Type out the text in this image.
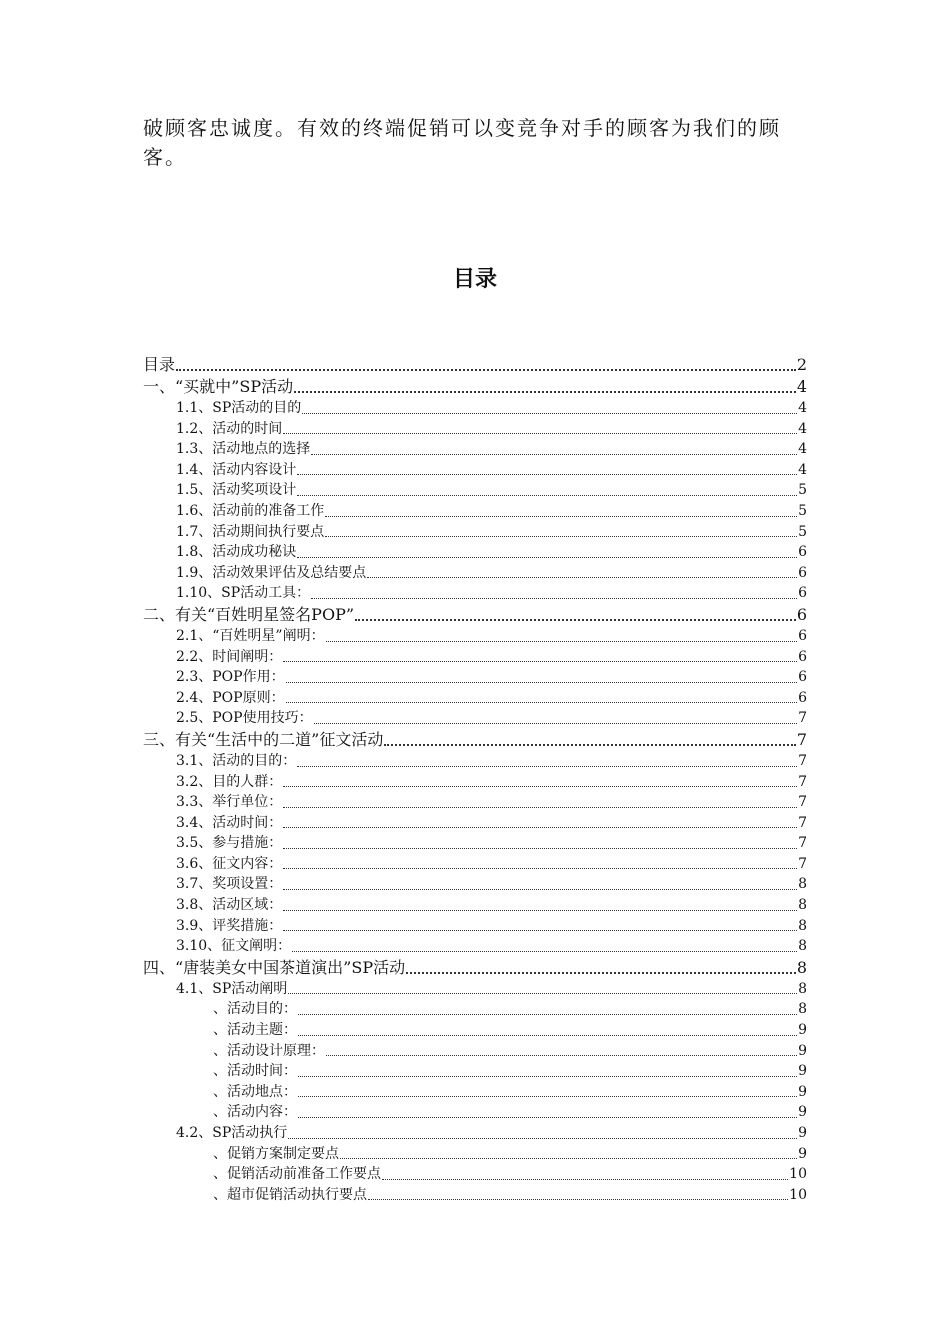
破顾客忠诚度。有效的终端促销可以变竞争对手的顾客为我们的顾客。
目录
目录	2
一、“买就中”SP活动	4
1.1、SP活动的目的	4
1.2、活动的时间	4
1.3、活动地点的选择	4
1.4、活动内容设计	4
1.5、活动奖项设计	5
1.6、活动前的准备工作	5
1.7、活动期间执行要点	5
1.8、活动成功秘诀	6
1.9、活动效果评估及总结要点	6
1.10、SP活动工具：	6
二、有关“百姓明星签名POP”	6
2.1、“百姓明星”阐明：	6
2.2、时间阐明：	6
2.3、POP作用：	6
2.4、POP原则：	6
2.5、POP使用技巧：	7
三、有关“生活中的二道”征文活动	7
3.1、活动的目的：	7
3.2、目的人群：	7
3.3、举行单位：	7
3.4、活动时间：	7
3.5、参与措施：	7
3.6、征文内容：	7
3.7、奖项设置：	8
3.8、活动区域：	8
3.9、评奖措施：	8
3.10、征文阐明：	8
四、“唐装美女中国茶道演出”SP活动	8
4.1、SP活动阐明	8
、活动目的：	8
、活动主题：	9
、活动设计原理：	9
、活动时间：	9
、活动地点：	9
、活动内容：	9
4.2、SP活动执行	9
、促销方案制定要点	9
、促销活动前准备工作要点	10
、超市促销活动执行要点	10
